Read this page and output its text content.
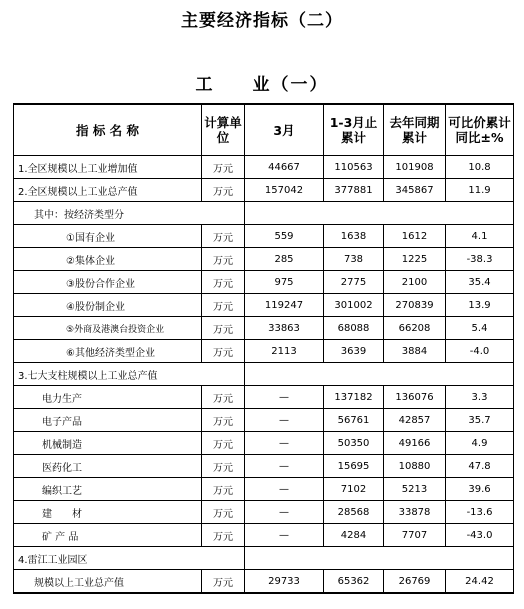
主要经济指标（二）
工　　业（一）
指 标 名 称	计算单位	3月	1-3月止累计	去年同期累计	可比价累计同比±%
1.全区规模以上工业增加值	万元	44667	110563	101908	10.8
2.全区规模以上工业总产值	万元	157042	377881	345867	11.9
其中：按经济类型分					
①国有企业	万元	559	1638	1612	4.1
②集体企业	万元	285	738	1225	-38.3
③股份合作企业	万元	975	2775	2100	35.4
④股份制企业	万元	119247	301002	270839	13.9
⑤外商及港澳台投资企业	万元	33863	68088	66208	5.4
⑥其他经济类型企业	万元	2113	3639	3884	-4.0
3.七大支柱规模以上工业总产值					
电力生产	万元	—	137182	136076	3.3
电子产品	万元	—	56761	42857	35.7
机械制造	万元	—	50350	49166	4.9
医药化工	万元	—	15695	10880	47.8
编织工艺	万元	—	7102	5213	39.6
建　　材	万元	—	28568	33878	-13.6
矿 产 品	万元	—	4284	7707	-43.0
4.雷江工业园区					
规模以上工业总产值	万元	29733	65362	26769	24.42
